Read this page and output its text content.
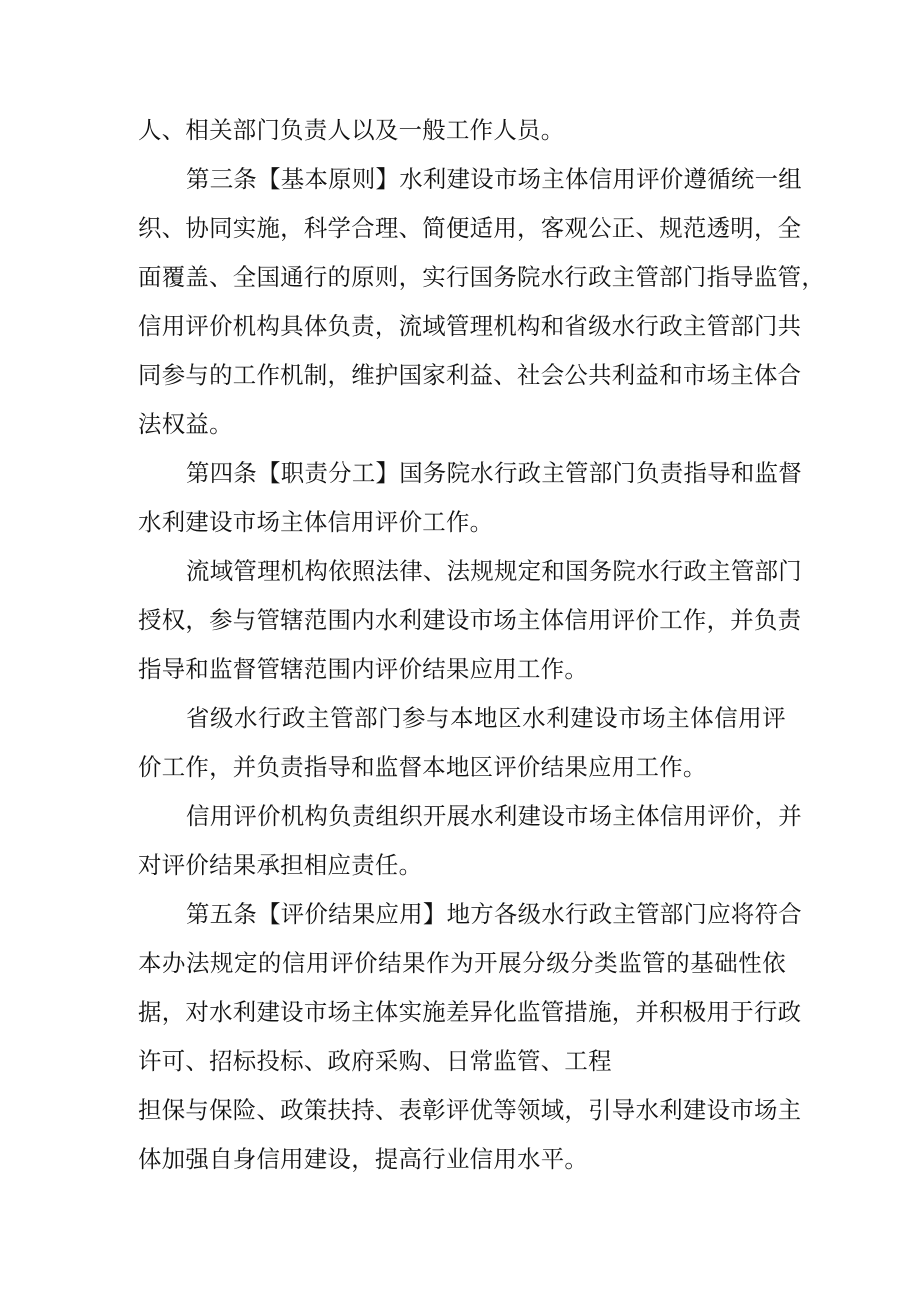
人、相关部门负责人以及一般工作人员。
第三条【基本原则】水利建设市场主体信用评价遵循统一组
织、协同实施，科学合理、简便适用，客观公正、规范透明，全
面覆盖、全国通行的原则，实行国务院水行政主管部门指导监管，
信用评价机构具体负责，流域管理机构和省级水行政主管部门共
同参与的工作机制，维护国家利益、社会公共利益和市场主体合
法权益。
第四条【职责分工】国务院水行政主管部门负责指导和监督
水利建设市场主体信用评价工作。
流域管理机构依照法律、法规规定和国务院水行政主管部门
授权，参与管辖范围内水利建设市场主体信用评价工作，并负责
指导和监督管辖范围内评价结果应用工作。
省级水行政主管部门参与本地区水利建设市场主体信用评
价工作，并负责指导和监督本地区评价结果应用工作。
信用评价机构负责组织开展水利建设市场主体信用评价，并
对评价结果承担相应责任。
第五条【评价结果应用】地方各级水行政主管部门应将符合
本办法规定的信用评价结果作为开展分级分类监管的基础性依
据，对水利建设市场主体实施差异化监管措施，并积极用于行政
许可、招标投标、政府采购、日常监管、工程
担保与保险、政策扶持、表彰评优等领域，引导水利建设市场主
体加强自身信用建设，提高行业信用水平。
